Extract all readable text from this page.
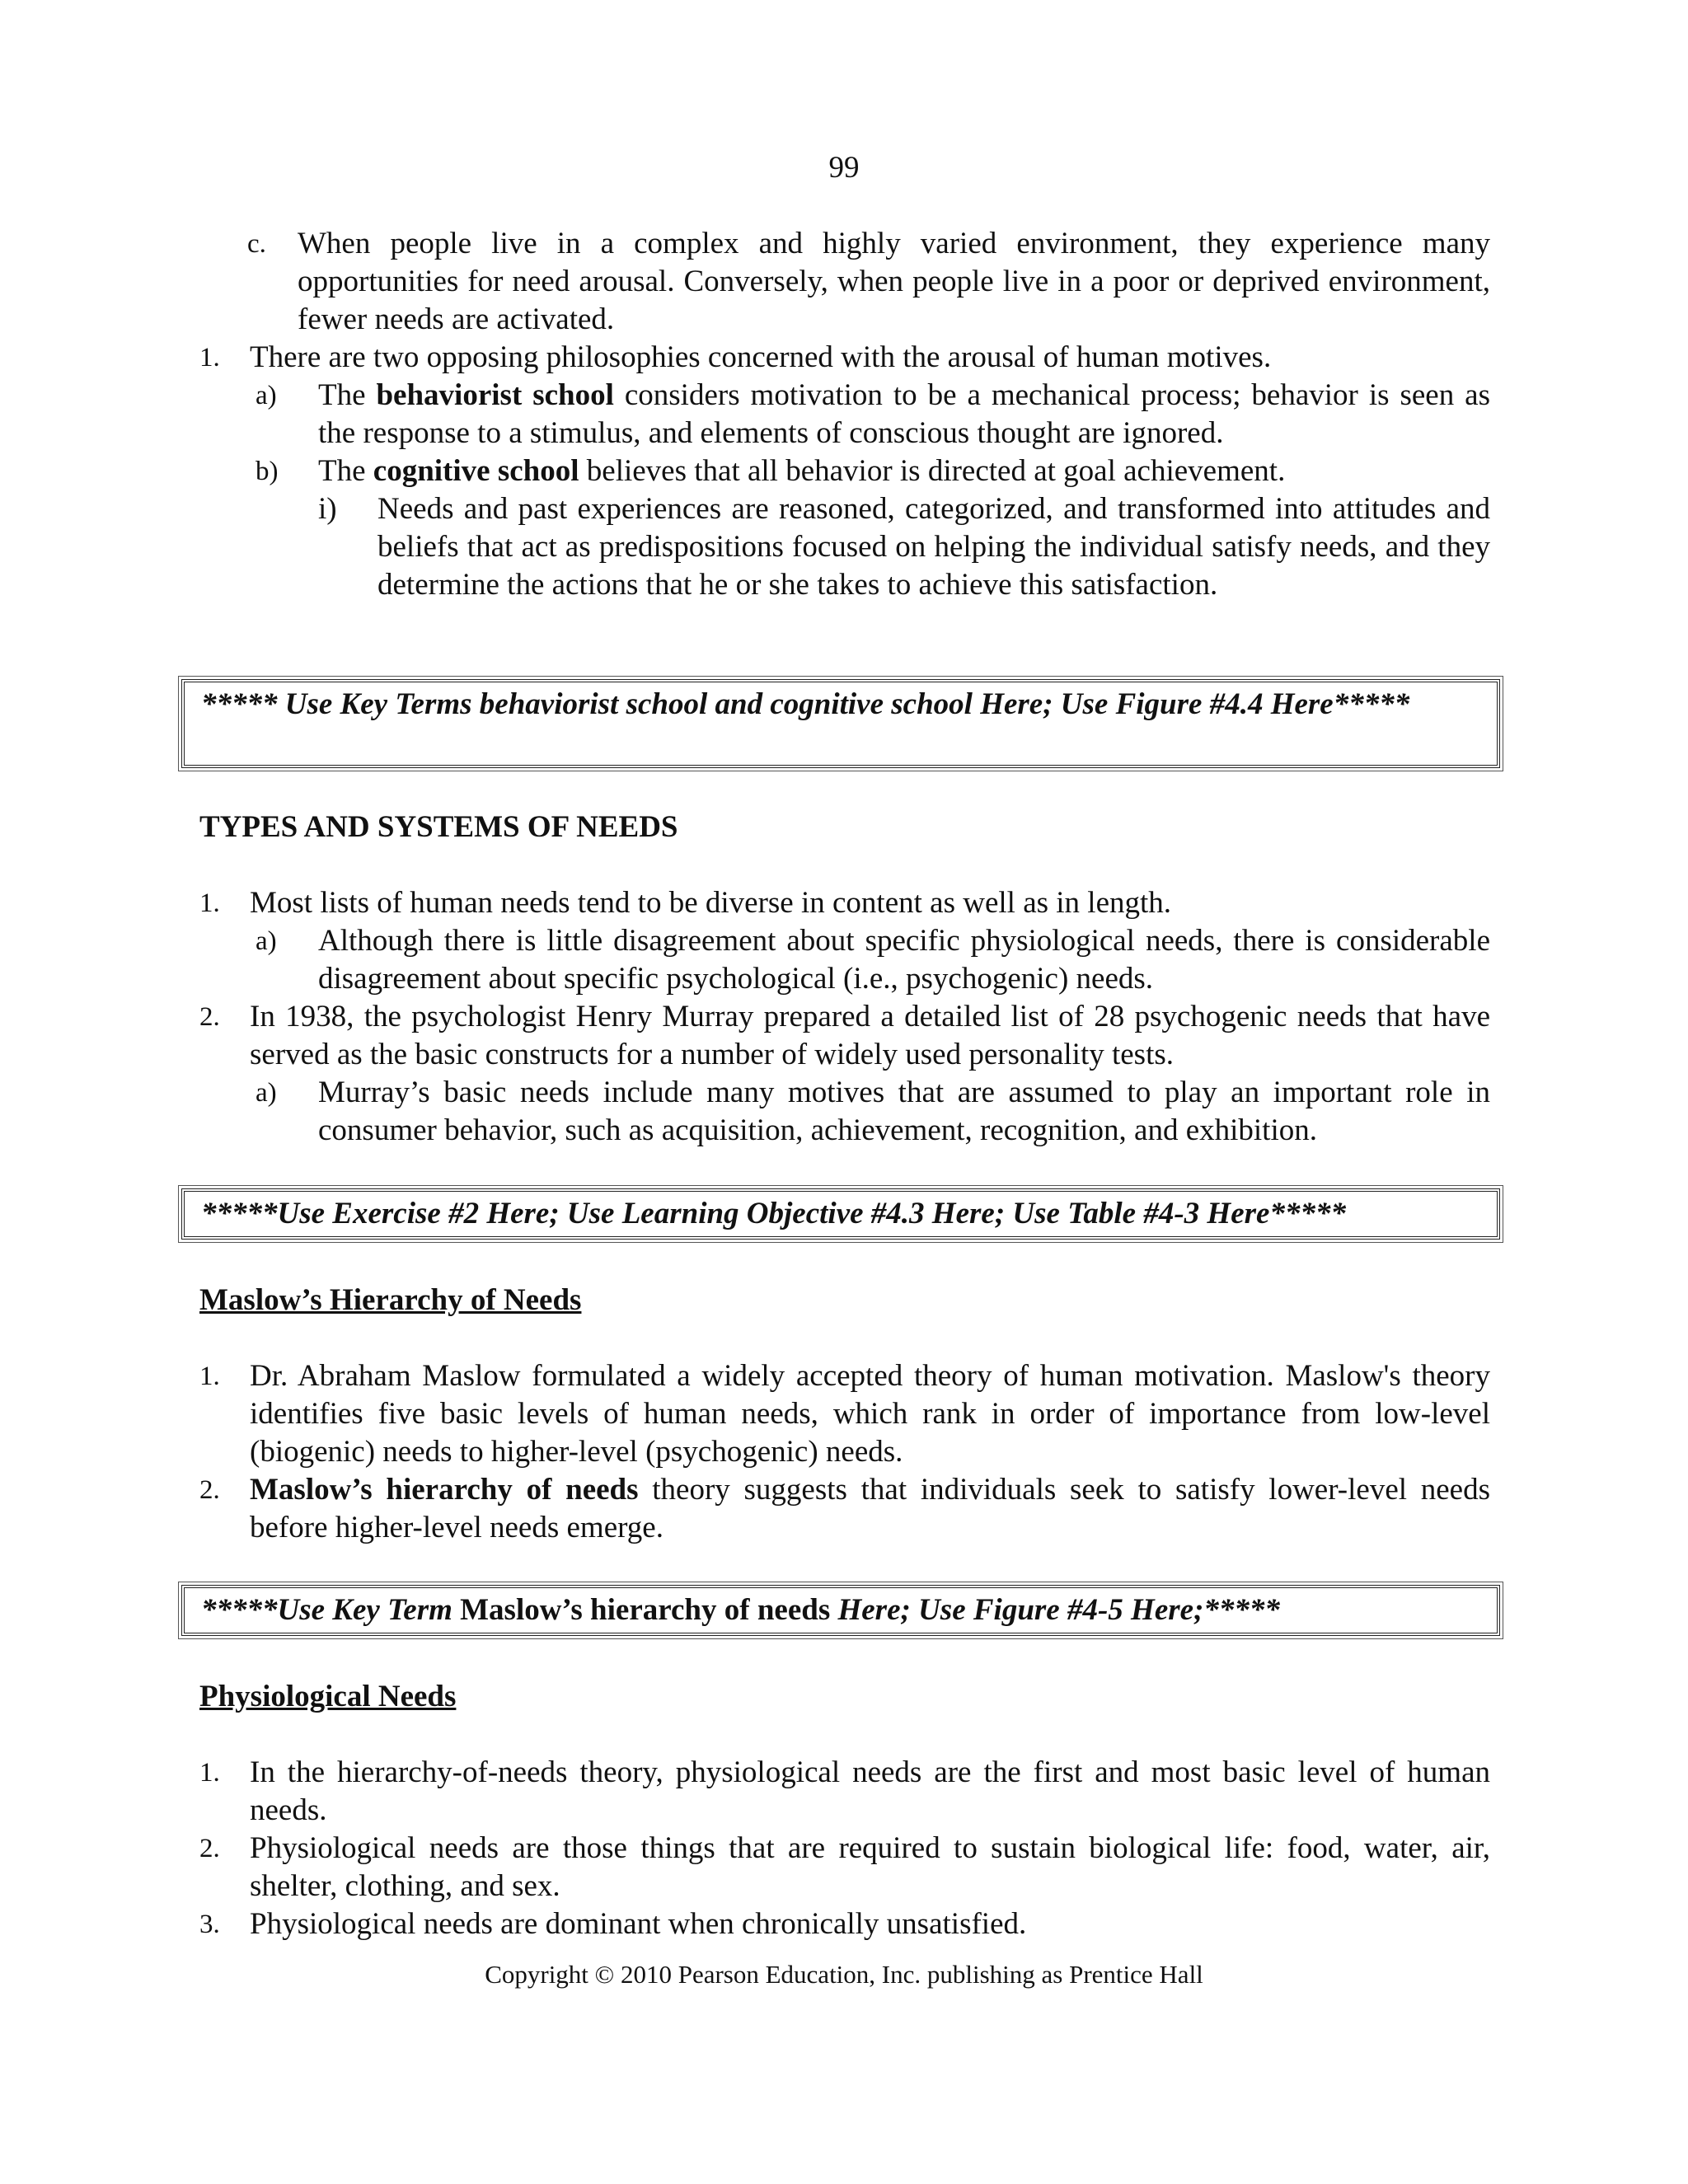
99
c.	When people live in a complex and highly varied environment, they experience many opportunities for need arousal. Conversely, when people live in a poor or deprived environment, fewer needs are activated.
1. There are two opposing philosophies concerned with the arousal of human motives.
a)	The behaviorist school considers motivation to be a mechanical process; behavior is seen as the response to a stimulus, and elements of conscious thought are ignored.
b)	The cognitive school believes that all behavior is directed at goal achievement.
i)	Needs and past experiences are reasoned, categorized, and transformed into attitudes and beliefs that act as predispositions focused on helping the individual satisfy needs, and they determine the actions that he or she takes to achieve this satisfaction.
***** Use Key Terms behaviorist school and cognitive school Here; Use Figure #4.4 Here*****
TYPES AND SYSTEMS OF NEEDS
1. Most lists of human needs tend to be diverse in content as well as in length.
a)	Although there is little disagreement about specific physiological needs, there is considerable disagreement about specific psychological (i.e., psychogenic) needs.
2. In 1938, the psychologist Henry Murray prepared a detailed list of 28 psychogenic needs that have served as the basic constructs for a number of widely used personality tests.
a)	Murray’s basic needs include many motives that are assumed to play an important role in consumer behavior, such as acquisition, achievement, recognition, and exhibition.
*****Use Exercise #2 Here; Use Learning Objective #4.3 Here; Use Table #4-3 Here*****
Maslow’s Hierarchy of Needs
1. Dr. Abraham Maslow formulated a widely accepted theory of human motivation. Maslow's theory identifies five basic levels of human needs, which rank in order of importance from low-level (biogenic) needs to higher-level (psychogenic) needs.
2. Maslow’s hierarchy of needs theory suggests that individuals seek to satisfy lower-level needs before higher-level needs emerge.
*****Use Key Term Maslow’s hierarchy of needs Here; Use Figure #4-5 Here;*****
Physiological Needs
1. In the hierarchy-of-needs theory, physiological needs are the first and most basic level of human needs.
2. Physiological needs are those things that are required to sustain biological life: food, water, air, shelter, clothing, and sex.
3. Physiological needs are dominant when chronically unsatisfied.
Copyright © 2010 Pearson Education, Inc. publishing as Prentice Hall
